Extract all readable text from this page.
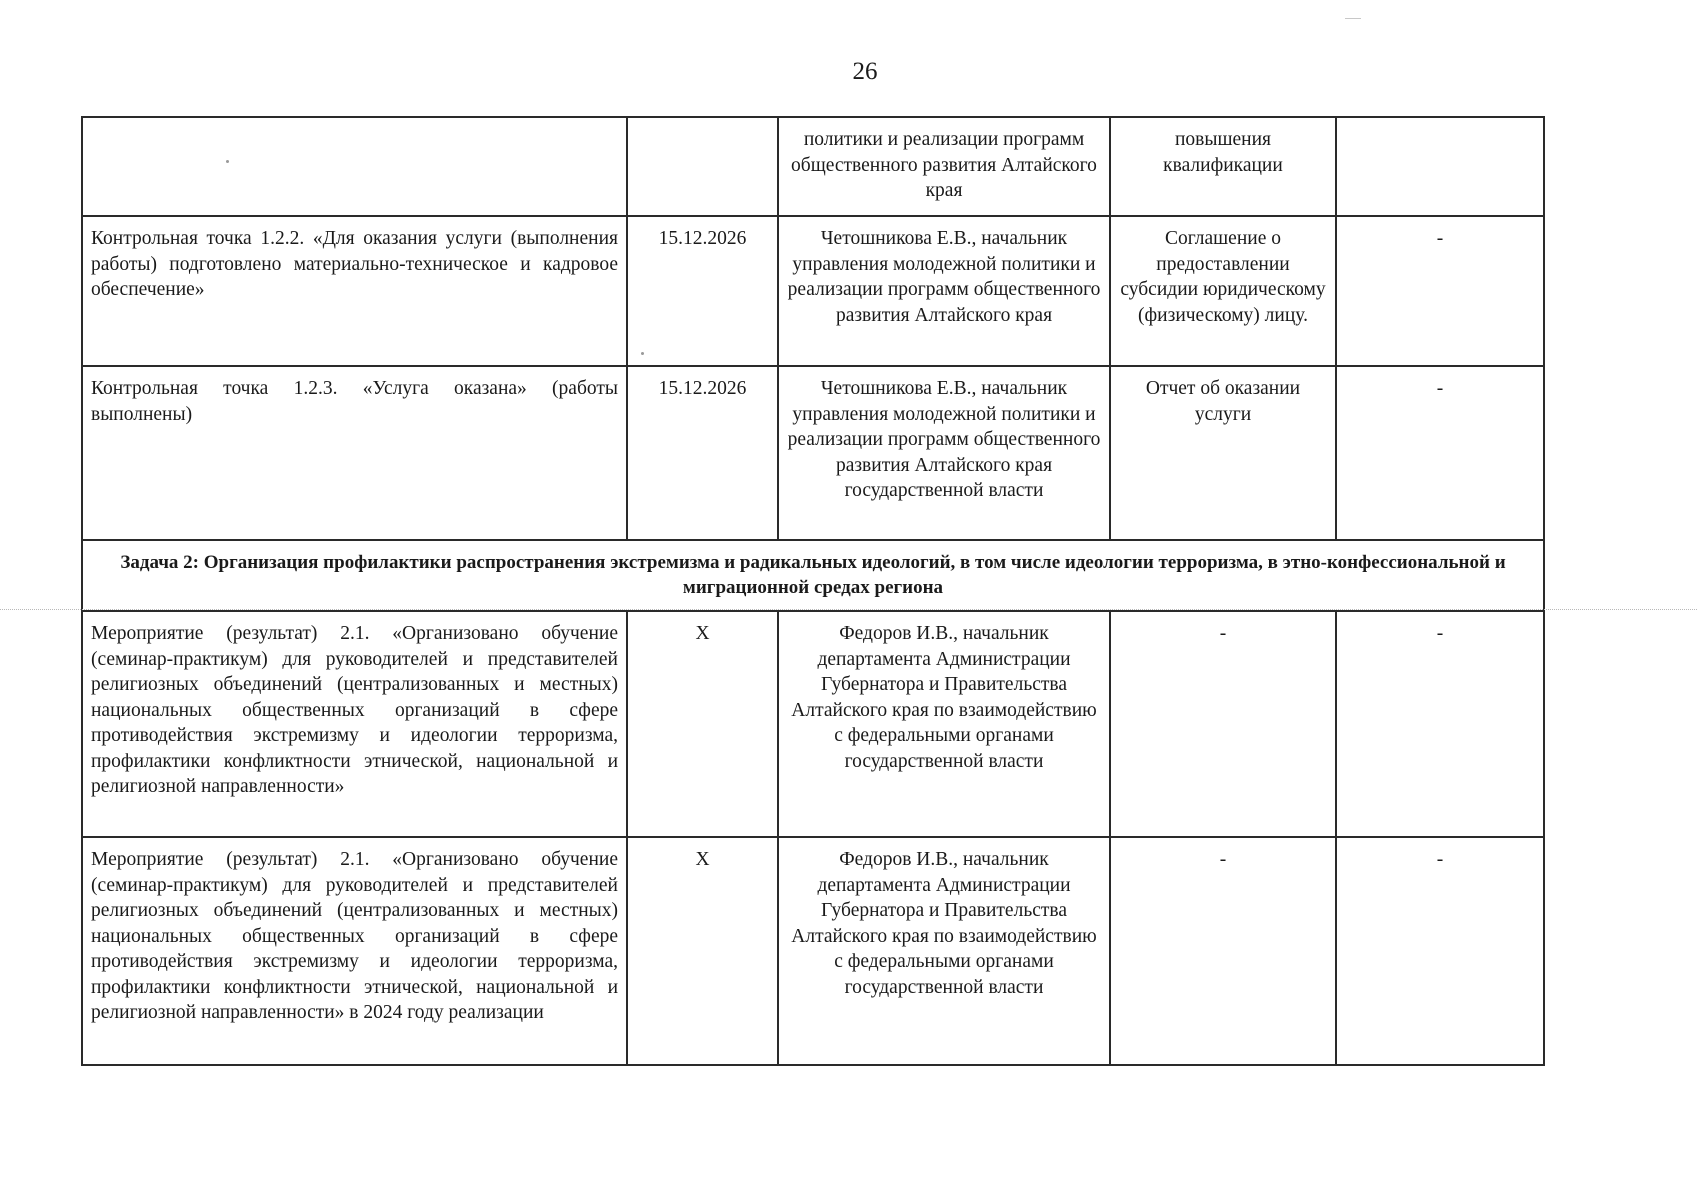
26
		политики и реализации программ общественного развития Алтайского края	повышения квалификации	
Контрольная точка 1.2.2. «Для оказания услуги (выполнения работы) подготовлено материально-техническое и кадровое обеспечение»	15.12.2026	Четошникова Е.В., начальник управления молодежной политики и реализации программ общественного развития Алтайского края	Соглашение о предоставлении субсидии юридическому (физическому) лицу.	-
Контрольная точка 1.2.3. «Услуга оказана» (работы выполнены)	15.12.2026	Четошникова Е.В., начальник управления молодежной политики и реализации программ общественного развития Алтайского края государственной власти	Отчет об оказании услуги	-
Задача 2: Организация профилактики распространения экстремизма и радикальных идеологий, в том числе идеологии терроризма, в этно-конфессиональной и миграционной средах региона				
Мероприятие (результат) 2.1. «Организовано обучение (семинар-практикум) для руководителей и представителей религиозных объединений (централизованных и местных) национальных общественных организаций в сфере противодействия экстремизму и идеологии терроризма, профилактики конфликтности этнической, национальной и религиозной направленности»	Х	Федоров И.В., начальник департамента Администрации Губернатора и Правительства Алтайского края по взаимодействию с федеральными органами государственной власти	-	-
Мероприятие (результат) 2.1. «Организовано обучение (семинар-практикум) для руководителей и представителей религиозных объединений (централизованных и местных) национальных общественных организаций в сфере противодействия экстремизму и идеологии терроризма, профилактики конфликтности этнической, национальной и религиозной направленности» в 2024 году реализации	Х	Федоров И.В., начальник департамента Администрации Губернатора и Правительства Алтайского края по взаимодействию с федеральными органами государственной власти	-	-
